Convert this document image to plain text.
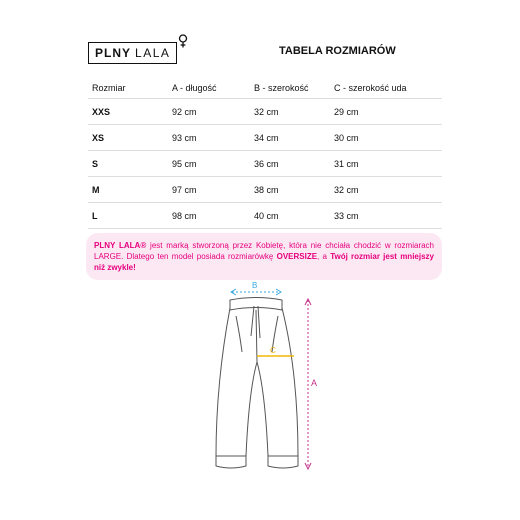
PLNY LALA	TABELA ROZMIARÓW
Rozmiar	A - długość	B - szerokość	C - szerokość uda
XXS	92 cm	32 cm	29 cm
XS	93 cm	34 cm	30 cm
S	95 cm	36 cm	31 cm
M	97 cm	38 cm	32 cm
L	98 cm	40 cm	33 cm
PLNY LALA® jest marką stworzoną przez Kobietę, która nie chciała chodzić w rozmiarach LARGE. Dlatego ten model posiada rozmiarówkę OVERSIZE, a Twój rozmiar jest mniejszy niż zwykle!
A
B
C
